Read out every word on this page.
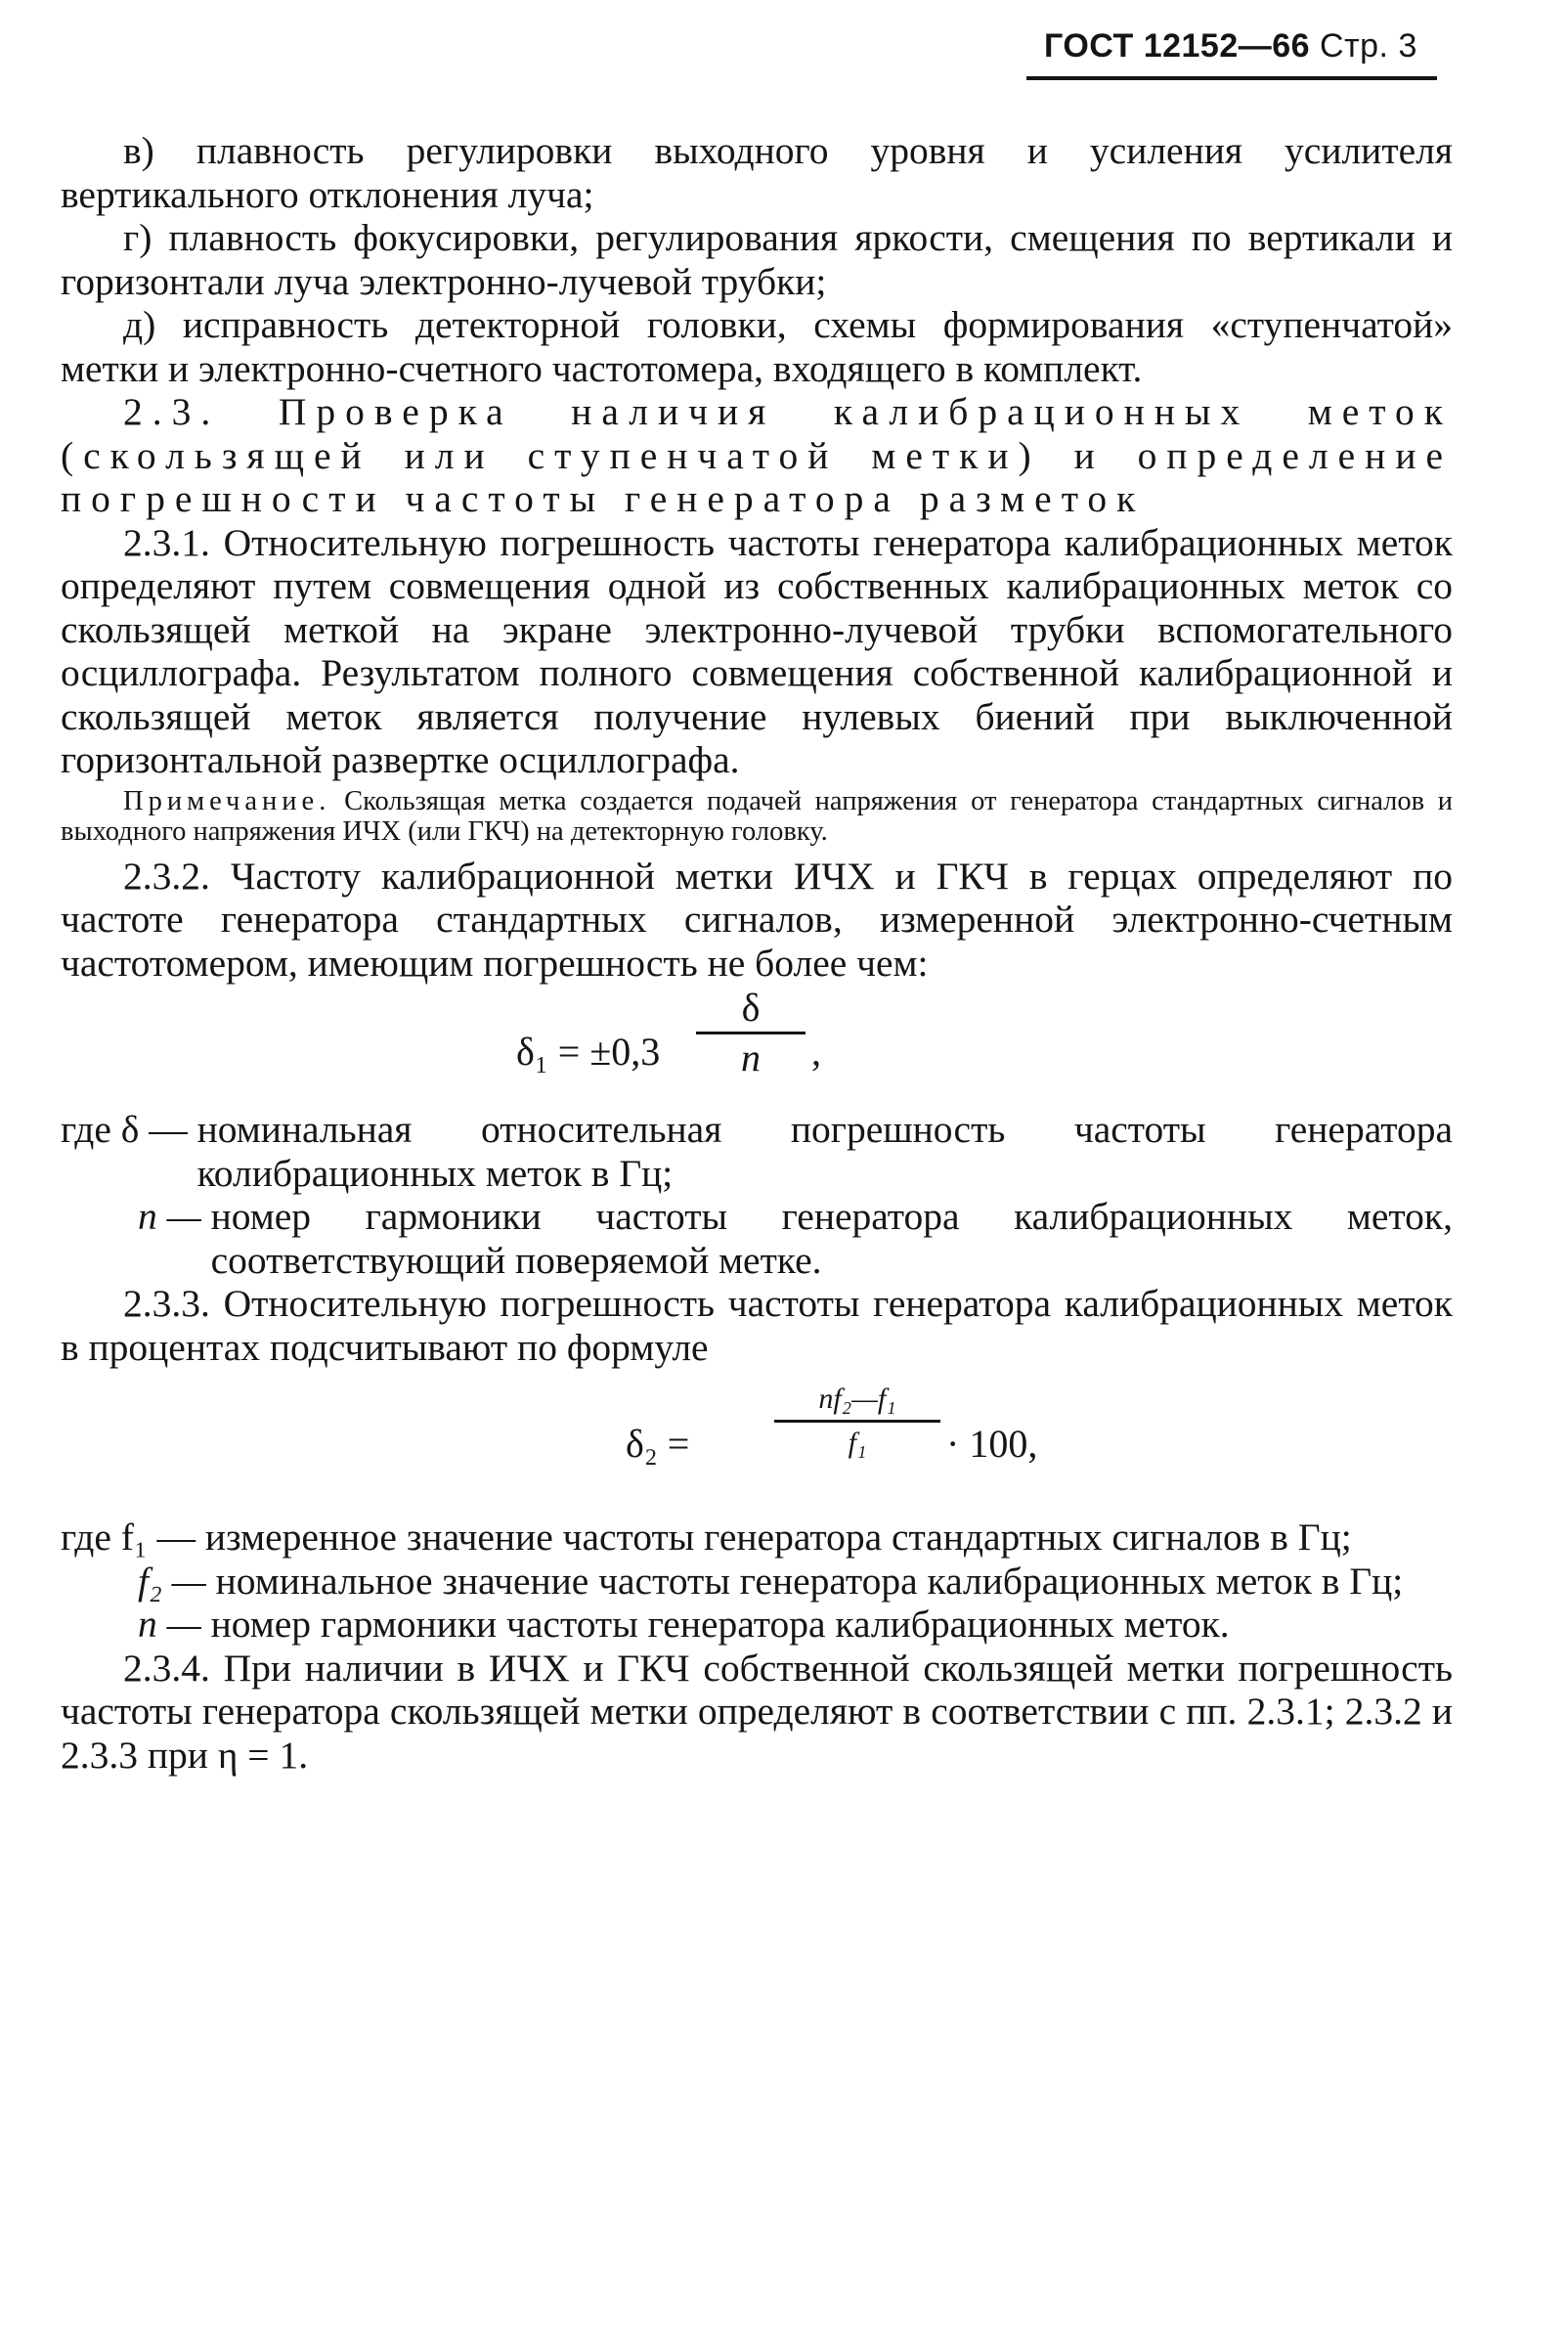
ГОСТ 12152—66 Стр. 3

в) плавность регулировки выходного уровня и усиления усилителя вертикального отклонения луча;

г) плавность фокусировки, регулирования яркости, смещения по вертикали и горизонтали луча электронно-лучевой трубки;

д) исправность детекторной головки, схемы формирования «ступенчатой» метки и электронно-счетного частотомера, входящего в комплект.

2.3. Проверка наличия калибрационных меток (скользящей или ступенчатой метки) и определение погрешности частоты генератора разметок

2.3.1. Относительную погрешность частоты генератора калибрационных меток определяют путем совмещения одной из собственных калибрационных меток со скользящей меткой на экране электронно-лучевой трубки вспомогательного осциллографа. Результатом полного совмещения собственной калибрационной и скользящей меток является получение нулевых биений при выключенной горизонтальной развертке осциллографа.

Примечание. Скользящая метка создается подачей напряжения от генератора стандартных сигналов и выходного напряжения ИЧХ (или ГКЧ) на детекторную головку.

2.3.2. Частоту калибрационной метки ИЧХ и ГКЧ в герцах определяют по частоте генератора стандартных сигналов, измеренной электронно-счетным частотомером, имеющим погрешность не более чем:

δ₁ = ±0,3
δ
n	,
где δ — номинальная относительная погрешность частоты генератора колибрационных меток в Гц;
n — номер гармоники частоты генератора калибрационных меток, соответствующий поверяемой метке.

2.3.3. Относительную погрешность частоты генератора калибрационных меток в процентах подсчитывают по формуле

δ₂ =
nf₂—f₁
f₁	· 100,
где f₁ — измеренное значение частоты генератора стандартных сигналов в Гц;
f₂ — номинальное значение частоты генератора калибрационных меток в Гц;
n — номер гармоники частоты генератора калибрационных меток.

2.3.4. При наличии в ИЧХ и ГКЧ собственной скользящей метки погрешность частоты генератора скользящей метки определяют в соответствии с пп. 2.3.1; 2.3.2 и 2.3.3 при η = 1.
